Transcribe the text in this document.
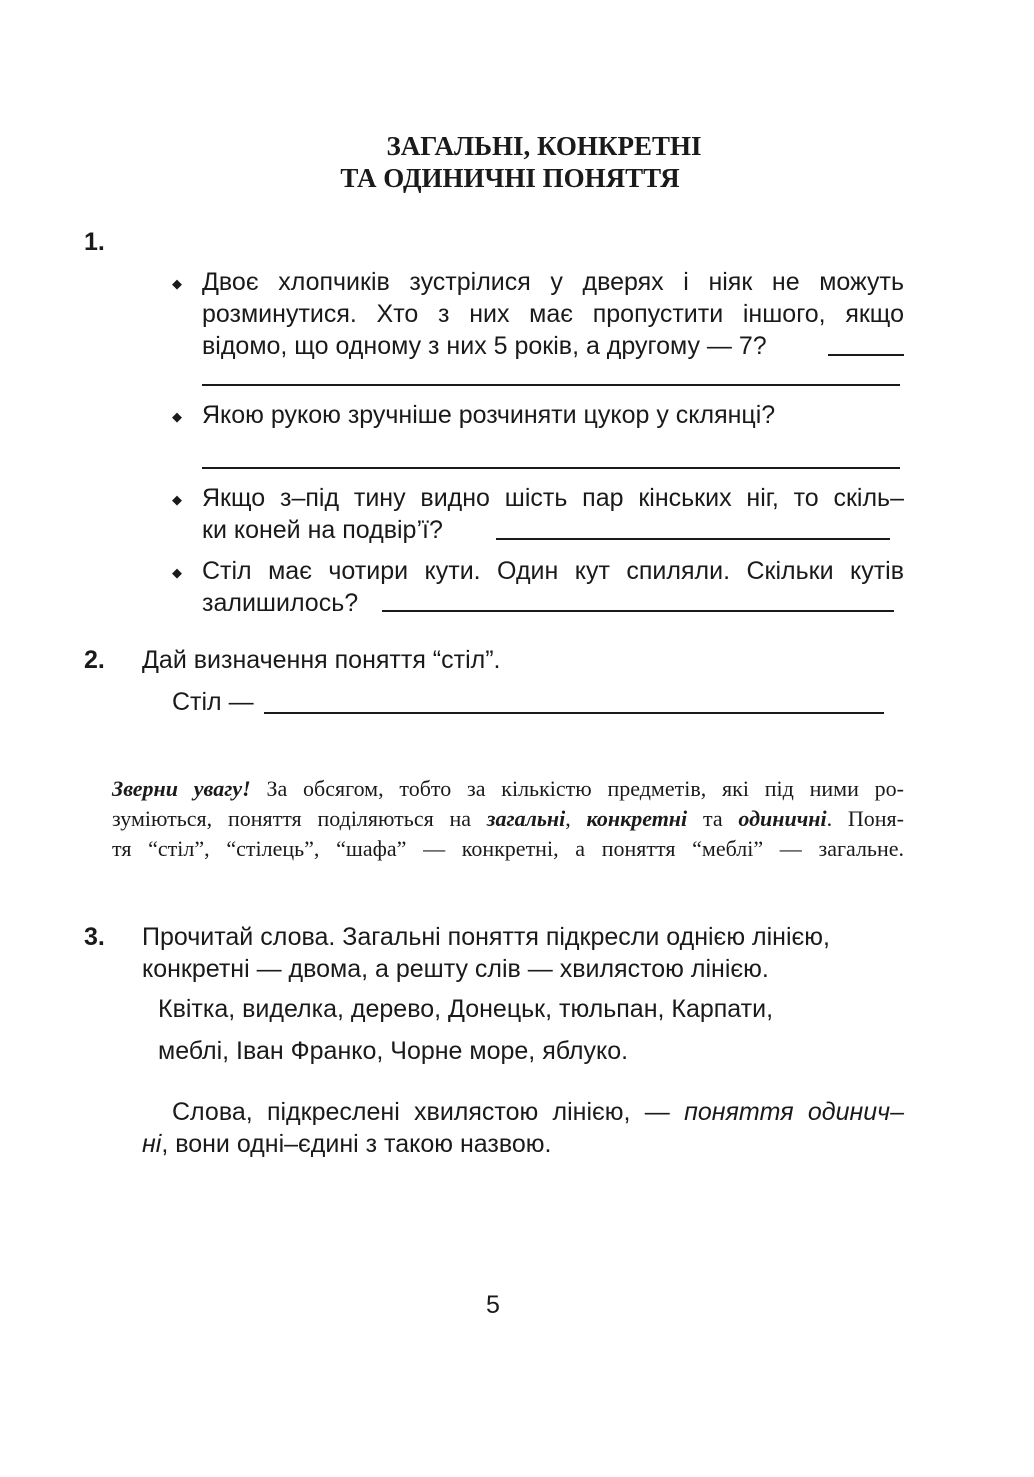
ЗАГАЛЬНІ, КОНКРЕТНІ
ТА ОДИНИЧНІ ПОНЯТТЯ
1.
◆ Двоє хлопчиків зустрілися у дверях і ніяк не можуть
розминутися. Хто з них має пропустити іншого, якщо
відомо, що одному з них 5 років, а другому — 7?
◆ Якою рукою зручніше розчиняти цукор у склянці?
◆ Якщо з–під тину видно шість пар кінських ніг, то скіль–
ки коней на подвір’ї?
◆ Стіл має чотири кути. Один кут спиляли. Скільки кутів
залишилось?
2. Дай визначення поняття “стіл”.
Стіл —
Зверни увагу! За обсягом, тобто за кількістю предметів, які під ними ро-
зуміються, поняття поділяються на загальні, конкретні та одиничні. Поня-
тя “стіл”, “стілець”, “шафа” — конкретні, а поняття “меблі” — загальне.
3. Прочитай слова. Загальні поняття підкресли однією лінією,
конкретні — двома, а решту слів — хвилястою лінією.
Квітка, виделка, дерево, Донецьк, тюльпан, Карпати,
меблі, Іван Франко, Чорне море, яблуко.
Слова, підкреслені хвилястою лінією, — поняття одинич–
ні, вони одні–єдині з такою назвою.
5
